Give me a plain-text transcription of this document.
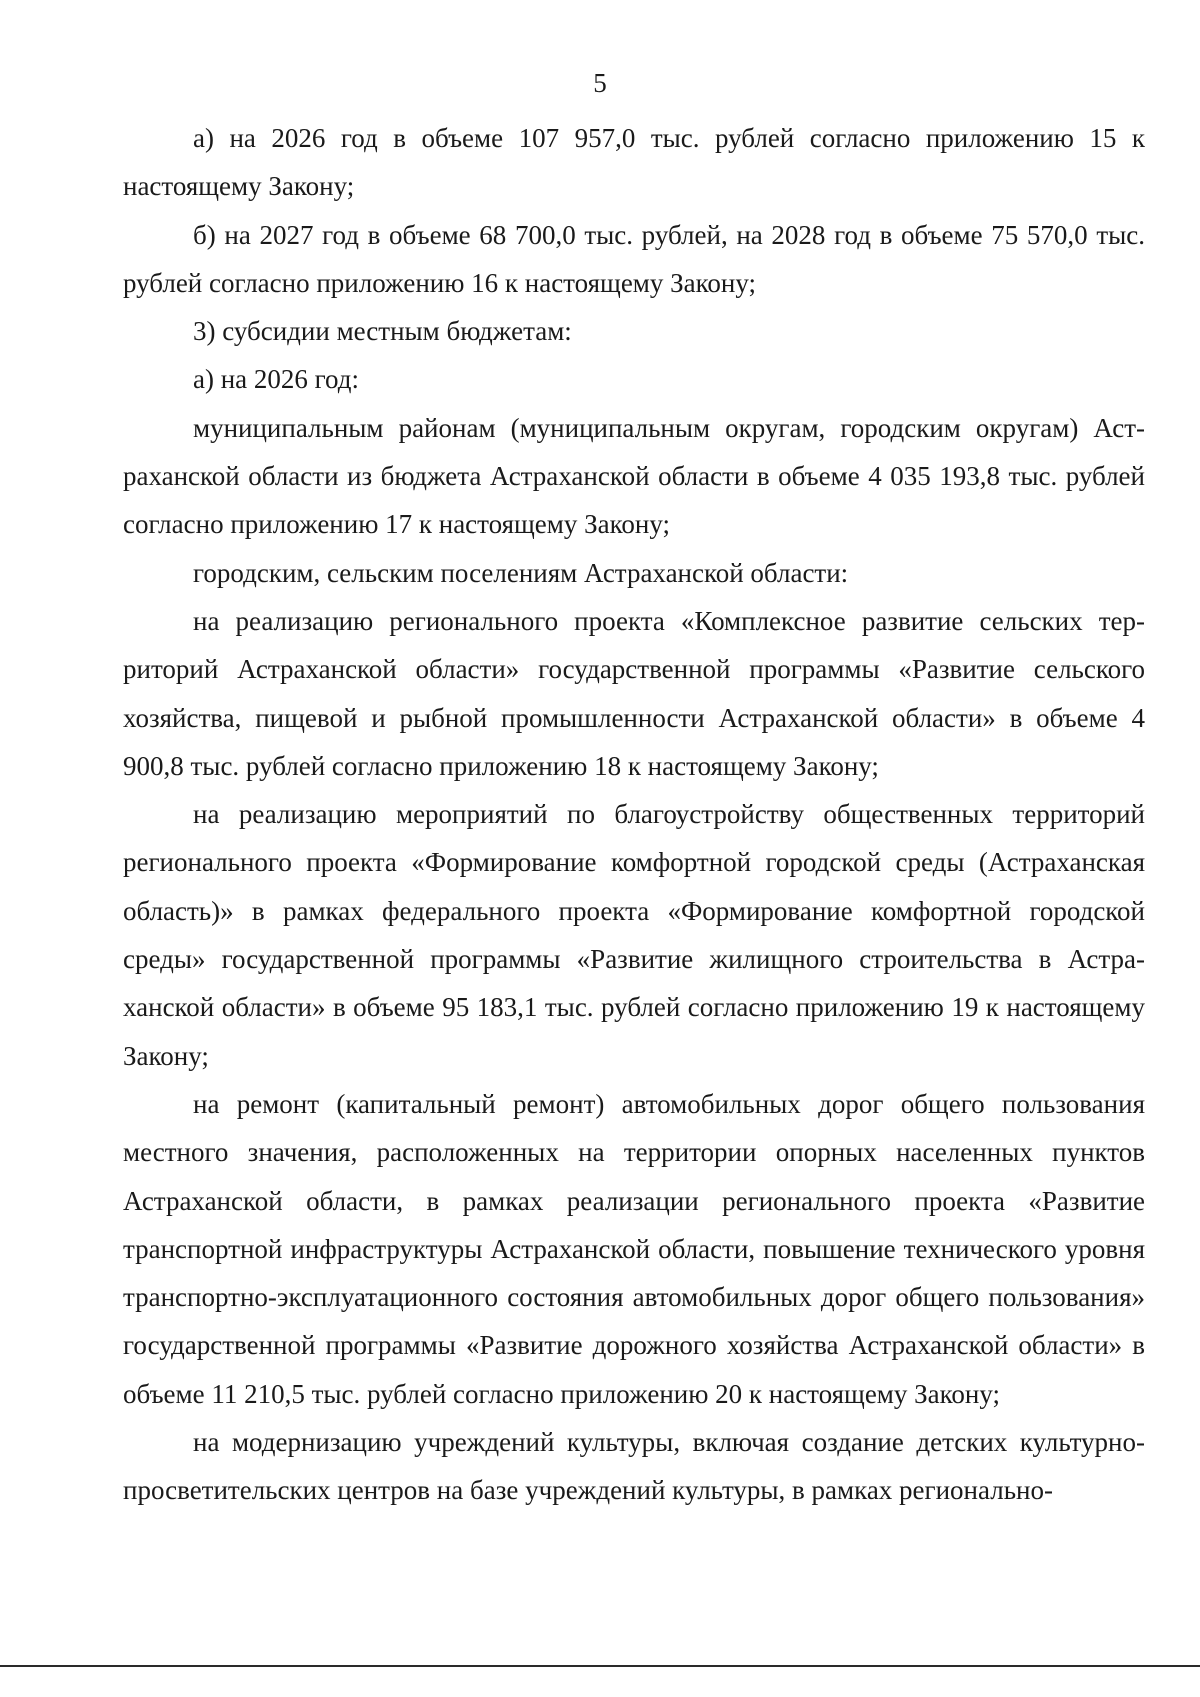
5

а) на 2026 год в объеме 107 957,0 тыс. рублей согласно приложению 15 к настоящему Закону;

б) на 2027 год в объеме 68 700,0 тыс. рублей, на 2028 год в объеме 75 570,0 тыс. рублей согласно приложению 16 к настоящему Закону;

3) субсидии местным бюджетам:

а) на 2026 год:

муниципальным районам (муниципальным округам, городским округам) Астраханской области из бюджета Астраханской области в объеме 4 035 193,8 тыс. рублей согласно приложению 17 к настоящему Закону;

городским, сельским поселениям Астраханской области:

на реализацию регионального проекта «Комплексное развитие сельских территорий Астраханской области» государственной программы «Развитие сельского хозяйства, пищевой и рыбной промышленности Астраханской области» в объеме 4 900,8 тыс. рублей согласно приложению 18 к настоящему Закону;

на реализацию мероприятий по благоустройству общественных территорий регионального проекта «Формирование комфортной городской среды (Астраханская область)» в рамках федерального проекта «Формирование комфортной городской среды» государственной программы «Развитие жилищного строительства в Астраханской области» в объеме 95 183,1 тыс. рублей согласно приложению 19 к настоящему Закону;

на ремонт (капитальный ремонт) автомобильных дорог общего пользования местного значения, расположенных на территории опорных населенных пунктов Астраханской области, в рамках реализации регионального проекта «Развитие транспортной инфраструктуры Астраханской области, повышение технического уровня транспортно-эксплуатационного состояния автомобильных дорог общего пользования» государственной программы «Развитие дорожного хозяйства Астраханской области» в объеме 11 210,5 тыс. рублей согласно приложению 20 к настоящему Закону;

на модернизацию учреждений культуры, включая создание детских культурно-просветительских центров на базе учреждений культуры, в рамках регионально-
